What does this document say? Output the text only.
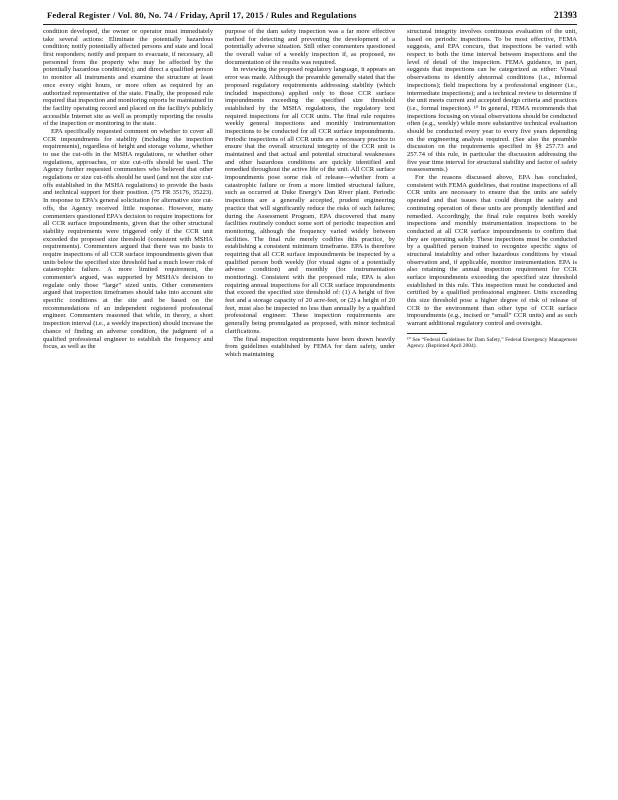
Federal Register / Vol. 80, No. 74 / Friday, April 17, 2015 / Rules and Regulations	21393

condition developed, the owner or operator must immediately take several actions: Eliminate the potentially hazardous condition; notify potentially affected persons and state and local first responders; notify and prepare to evacuate, if necessary, all personnel from the property who may be affected by the potentially hazardous condition(s); and direct a qualified person to monitor all instruments and examine the structure at least once every eight hours, or more often as required by an authorized representative of the state. Finally, the proposed rule required that inspection and monitoring reports be maintained in the facility operating record and placed on the facility's publicly accessible Internet site as well as promptly reporting the results of the inspection or monitoring to the state.

EPA specifically requested comment on whether to cover all CCR impoundments for stability (including the inspection requirements), regardless of height and storage volume, whether to use the cut-offs in the MSHA regulations, or whether other regulations, approaches, or size cut-offs should be used. The Agency further requested commenters who believed that other regulations or size cut-offs should be used (and not the size cut-offs established in the MSHA regulations) to provide the basis and technical support for their position. (75 FR 35176, 35223). In response to EPA's general solicitation for alternative size cut-offs, the Agency received little response. However, many commenters questioned EPA's decision to require inspections for all CCR surface impoundments, given that the other structural stability requirements were triggered only if the CCR unit exceeded the proposed size threshold (consistent with MSHA requirements). Commenters argued that there was no basis to require inspections of all CCR surface impoundments given that units below the specified size threshold had a much lower risk of catastrophic failure. A more limited requirement, the commenter's argued, was supported by MSHA's decision to regulate only those “large” sized units. Other commenters argued that inspection timeframes should take into account site specific conditions at the site and be based on the recommendations of an independent registered professional engineer. Commenters reasoned that while, in theory, a short inspection interval (i.e., a weekly inspection) should increase the chance of finding an adverse condition, the judgment of a qualified professional engineer to establish the frequency and focus, as well as the

purpose of the dam safety inspection was a far more effective method for detecting and preventing the development of a potentially adverse situation. Still other commenters questioned the overall value of a weekly inspection if, as proposed, no documentation of the results was required.

In reviewing the proposed regulatory language, it appears an error was made. Although the preamble generally stated that the proposed regulatory requirements addressing stability (which included inspections) applied only to those CCR surface impoundments exceeding the specified size threshold established by the MSHA regulations, the regulatory text required inspections for all CCR units. The final rule requires weekly general inspections and monthly instrumentation inspections to be conducted for all CCR surface impoundments. Periodic inspections of all CCR units are a necessary practice to ensure that the overall structural integrity of the CCR unit is maintained and that actual and potential structural weaknesses and other hazardous conditions are quickly identified and remedied throughout the active life of the unit. All CCR surface impoundments pose some risk of release—whether from a catastrophic failure or from a more limited structural failure, such as occurred at Duke Energy's Dan River plant. Periodic inspections are a generally accepted, prudent engineering practice that will significantly reduce the risks of such failures; during the Assessment Program, EPA discovered that many facilities routinely conduct some sort of periodic inspection and monitoring, although the frequency varied widely between facilities. The final rule merely codifies this practice, by establishing a consistent minimum timeframe. EPA is therefore requiring that all CCR surface impoundments be inspected by a qualified person both weekly (for visual signs of a potentially adverse condition) and monthly (for instrumentation monitoring). Consistent with the proposed rule, EPA is also requiring annual inspections for all CCR surface impoundments that exceed the specified size threshold of: (1) A height of five feet and a storage capacity of 20 acre-feet, or (2) a height of 20 feet, must also be inspected no less than annually by a qualified professional engineer. These inspection requirements are generally being promulgated as proposed, with minor technical clarifications.

The final inspection requirements have been drawn heavily from guidelines established by FEMA for dam safety, under which maintaining

structural integrity involves continuous evaluation of the unit, based on periodic inspections. To be most effective, FEMA suggests, and EPA concurs, that inspections be varied with respect to both the time interval between inspections and the level of detail of the inspection. FEMA guidance, in part, suggests that inspections can be categorized as either: Visual observations to identify abnormal conditions (i.e., informal inspections); field inspections by a professional engineer (i.e., intermediate inspections); and a technical review to determine if the unit meets current and accepted design criteria and practices (i.e., formal inspection). ¹⁰ In general, FEMA recommends that inspections focusing on visual observations should be conducted often (e.g., weekly) while more substantive technical evaluation should be conducted every year to every five years depending on the engineering analysis required. (See also the preamble discussion on the requirements specified in §§ 257.73 and 257.74 of this rule, in particular the discussion addressing the five year time interval for structural stability and factor of safety reassessments.)

For the reasons discussed above, EPA has concluded, consistent with FEMA guidelines, that routine inspections of all CCR units are necessary to ensure that the units are safely operated and that issues that could disrupt the safety and continuing operation of these units are promptly identified and remedied. Accordingly, the final rule requires both weekly inspections and monthly instrumentation inspections to be conducted at all CCR surface impoundments to confirm that they are operating safely. These inspections must be conducted by a qualified person trained to recognize specific signs of structural instability and other hazardous conditions by visual observation and, if applicable, monitor instrumentation. EPA is also retaining the annual inspection requirement for CCR surface impoundments exceeding the specified size threshold established in this rule. This inspection must be conducted and certified by a qualified professional engineer. Units exceeding this size threshold pose a higher degree of risk of release of CCR to the environment than other type of CCR surface impoundments (e.g., incised or “small” CCR units) and as such warrant additional regulatory control and oversight.

¹⁰ See “Federal Guidelines for Dam Safety,” Federal Emergency Management Agency. (Reprinted April 2004).
